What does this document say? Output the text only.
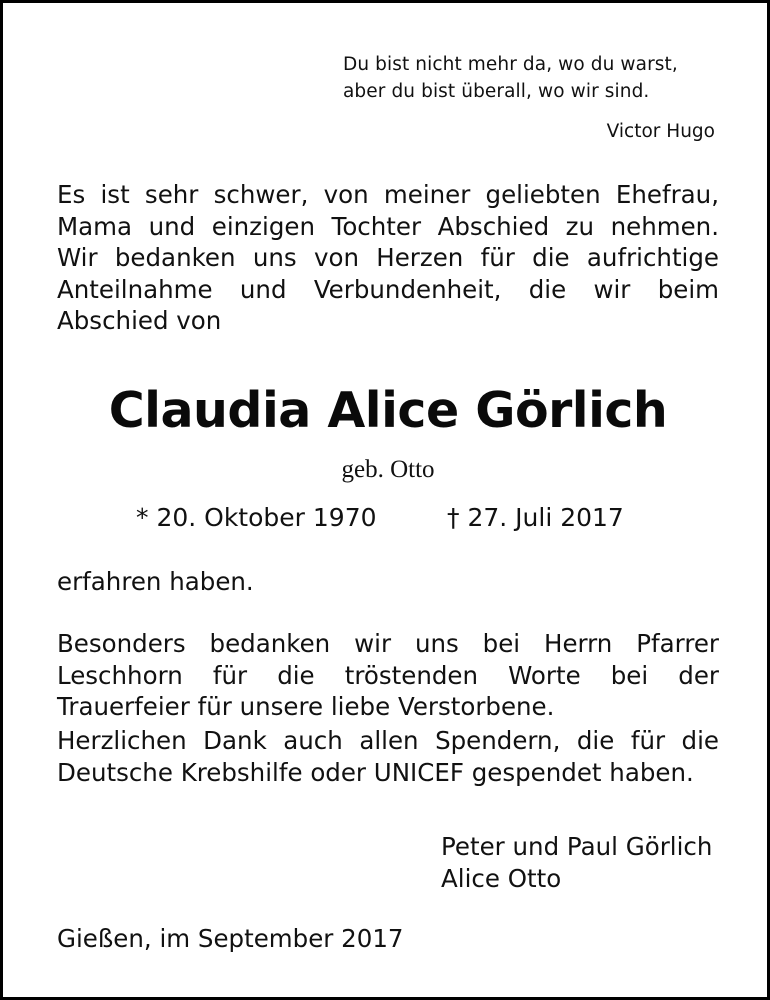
Du bist nicht mehr da, wo du warst,
aber du bist überall, wo wir sind.
Victor Hugo
Es ist sehr schwer, von meiner geliebten Ehefrau,
Mama und einzigen Tochter Abschied zu nehmen.
Wir bedanken uns von Herzen für die aufrichtige
Anteilnahme und Verbundenheit, die wir beim
Abschied von
Claudia Alice Görlich
geb. Otto
* 20. Oktober 1970	† 27. Juli 2017
erfahren haben.
Besonders bedanken wir uns bei Herrn Pfarrer
Leschhorn für die tröstenden Worte bei der
Trauerfeier für unsere liebe Verstorbene.
Herzlichen Dank auch allen Spendern, die für die
Deutsche Krebshilfe oder UNICEF gespendet haben.
Peter und Paul Görlich
Alice Otto
Gießen, im September 2017
